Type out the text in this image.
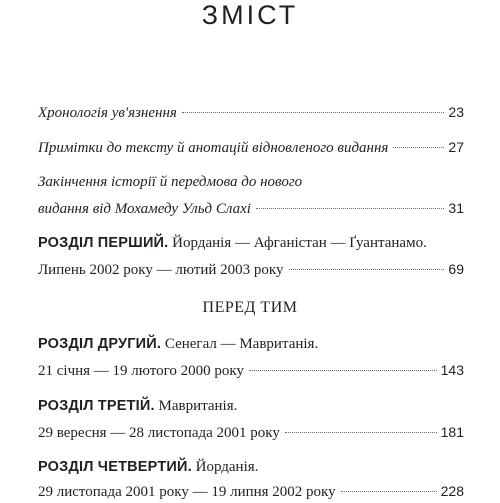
ЗМІСТ
Хронологія ув'язнення	23
Примітки до тексту й анотацій відновленого видання	27
Закінчення історії й передмова до нового
видання від Мохамеду Ульд Слахі	31
РОЗДІЛ ПЕРШИЙ. Йорданія — Афганістан — Ґуантанамо.
Липень 2002 року — лютий 2003 року	69
ПЕРЕД ТИМ
РОЗДІЛ ДРУГИЙ. Сенегал — Мавританія.
21 січня — 19 лютого 2000 року	143
РОЗДІЛ ТРЕТІЙ. Мавританія.
29 вересня — 28 листопада 2001 року	181
РОЗДІЛ ЧЕТВЕРТИЙ. Йорданія.
29 листопада 2001 року — 19 липня 2002 року	228
